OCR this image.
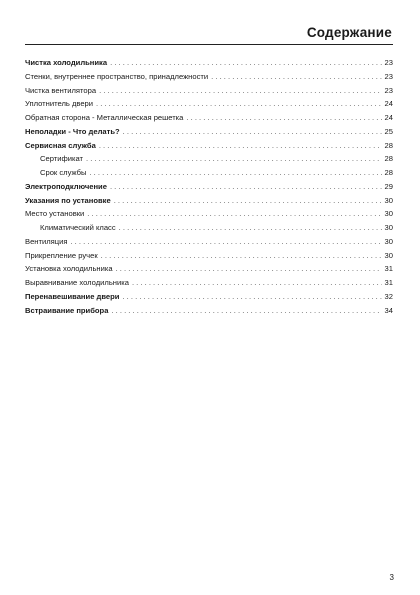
Содержание
Чистка холодильника . . .	23
Стенки, внутреннее пространство, принадлежности . . .	23
Чистка вентилятора . . .	23
Уплотнитель двери . . .	24
Обратная сторона - Металлическая решетка . . .	24
Неполадки - Что делать? . . .	25
Сервисная служба . . .	28
Сертификат . . .	28
Срок службы . . .	28
Электроподключение . . .	29
Указания по установке . . .	30
Место установки . . .	30
Климатический класс . . .	30
Вентиляция . . .	30
Прикрепление ручек . . .	30
Установка холодильника . . .	31
Выравнивание холодильника . . .	31
Перенавешивание двери . . .	32
Встраивание прибора . . .	34
3
